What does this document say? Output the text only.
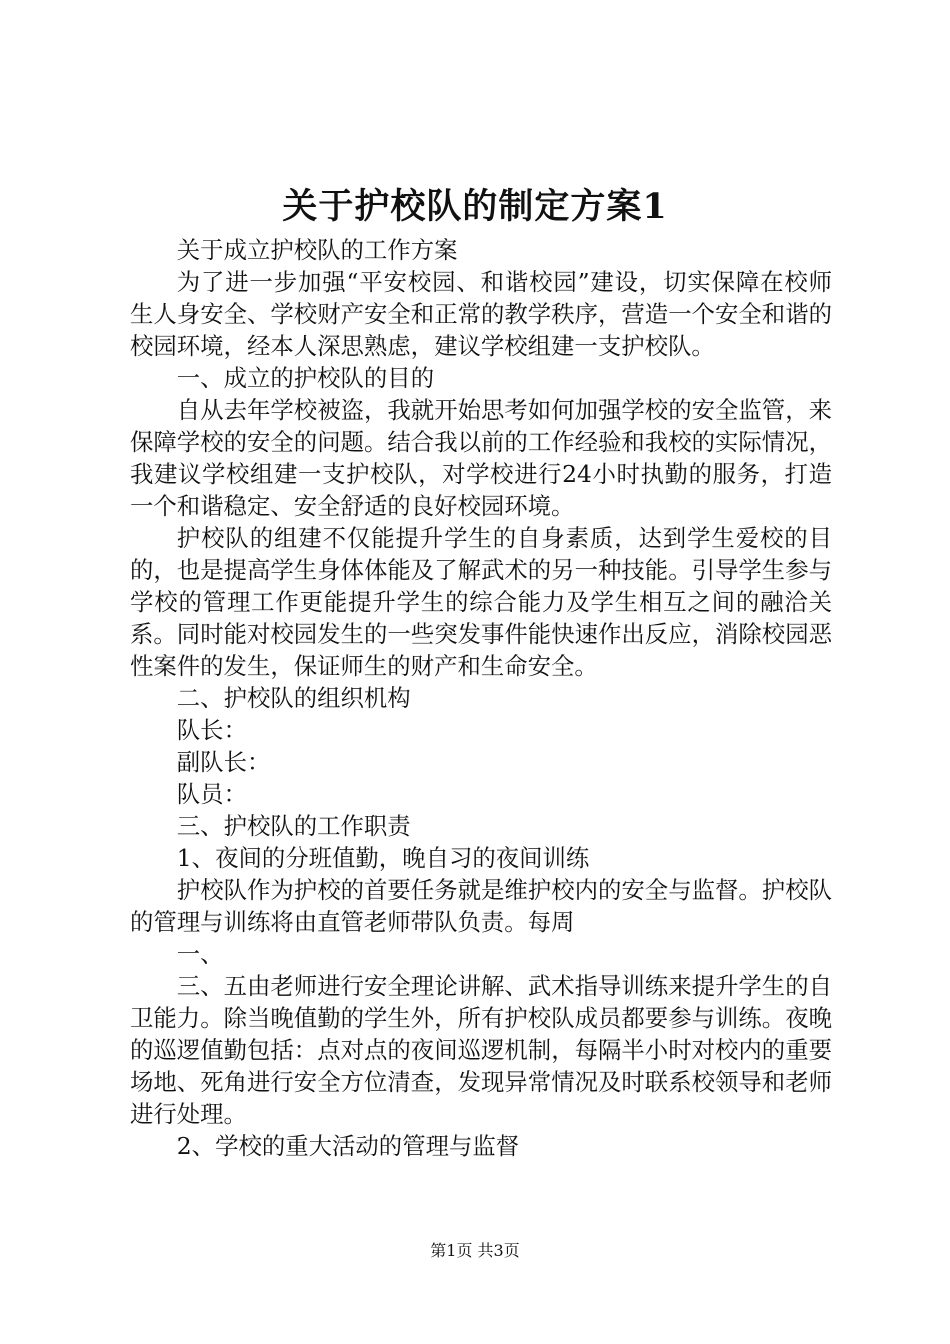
关于护校队的制定方案1

关于成立护校队的工作方案

为了进一步加强“平安校园、和谐校园”建设，切实保障在校师生人身安全、学校财产安全和正常的教学秩序，营造一个安全和谐的校园环境，经本人深思熟虑，建议学校组建一支护校队。

一、成立的护校队的目的

自从去年学校被盗，我就开始思考如何加强学校的安全监管，来保障学校的安全的问题。结合我以前的工作经验和我校的实际情况，我建议学校组建一支护校队，对学校进行24小时执勤的服务，打造一个和谐稳定、安全舒适的良好校园环境。

护校队的组建不仅能提升学生的自身素质，达到学生爱校的目的，也是提高学生身体体能及了解武术的另一种技能。引导学生参与学校的管理工作更能提升学生的综合能力及学生相互之间的融洽关系。同时能对校园发生的一些突发事件能快速作出反应，消除校园恶性案件的发生，保证师生的财产和生命安全。

二、护校队的组织机构

队长：

副队长：

队员：

三、护校队的工作职责

1、夜间的分班值勤，晚自习的夜间训练

护校队作为护校的首要任务就是维护校内的安全与监督。护校队的管理与训练将由直管老师带队负责。每周

一、

三、五由老师进行安全理论讲解、武术指导训练来提升学生的自卫能力。除当晚值勤的学生外，所有护校队成员都要参与训练。夜晚的巡逻值勤包括：点对点的夜间巡逻机制，每隔半小时对校内的重要场地、死角进行安全方位清查，发现异常情况及时联系校领导和老师进行处理。

2、学校的重大活动的管理与监督

第1页 共3页
